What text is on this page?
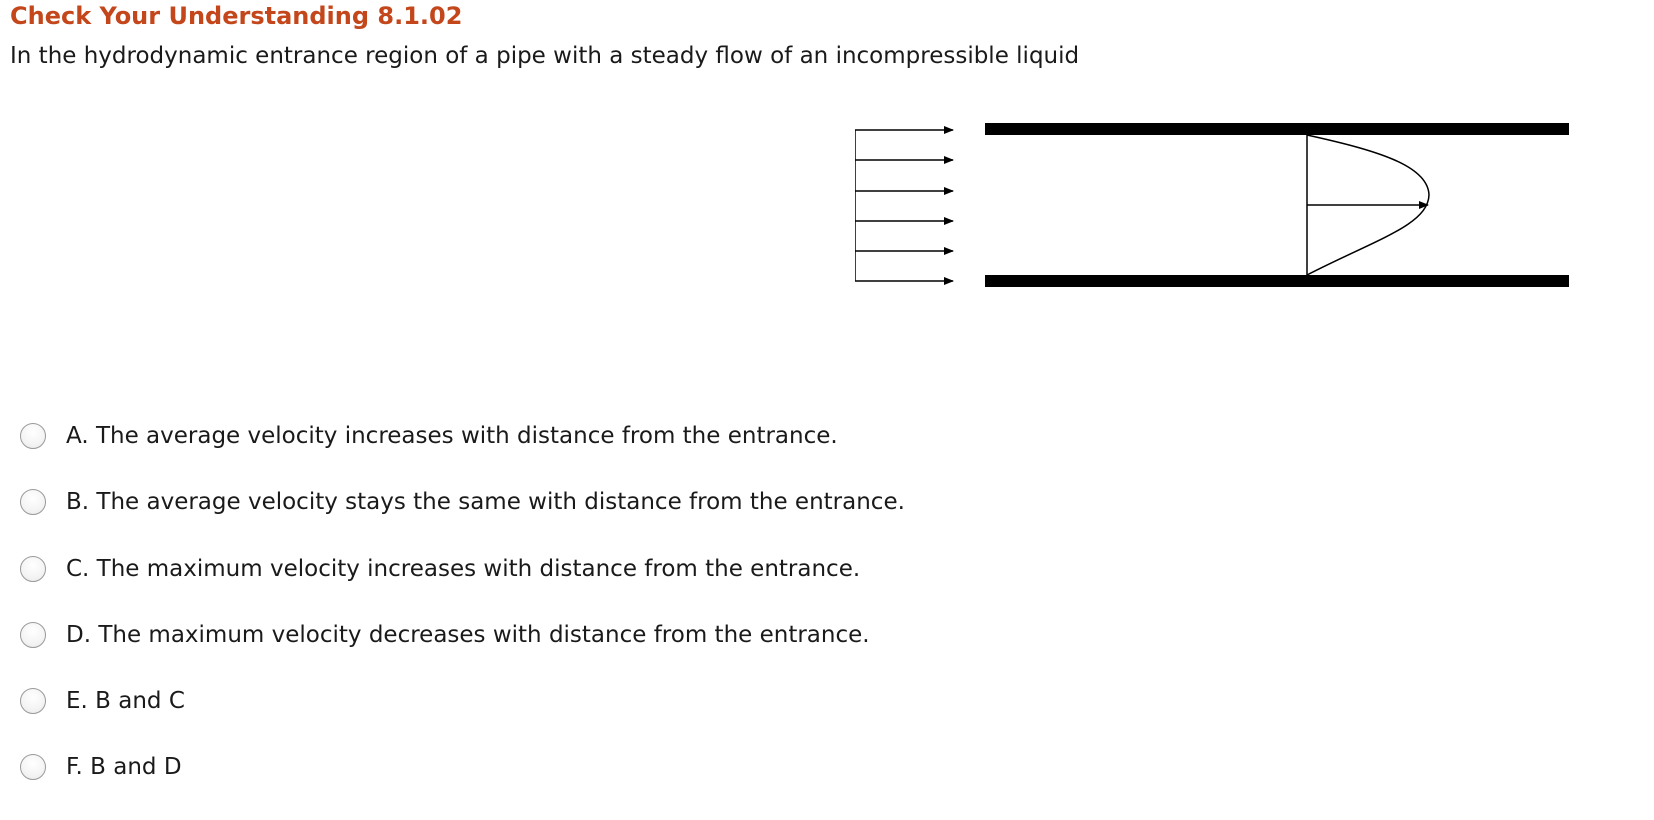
Check Your Understanding 8.1.02
In the hydrodynamic entrance region of a pipe with a steady flow of an incompressible liquid
A. The average velocity increases with distance from the entrance.
B. The average velocity stays the same with distance from the entrance.
C. The maximum velocity increases with distance from the entrance.
D. The maximum velocity decreases with distance from the entrance.
E. B and C
F. B and D
